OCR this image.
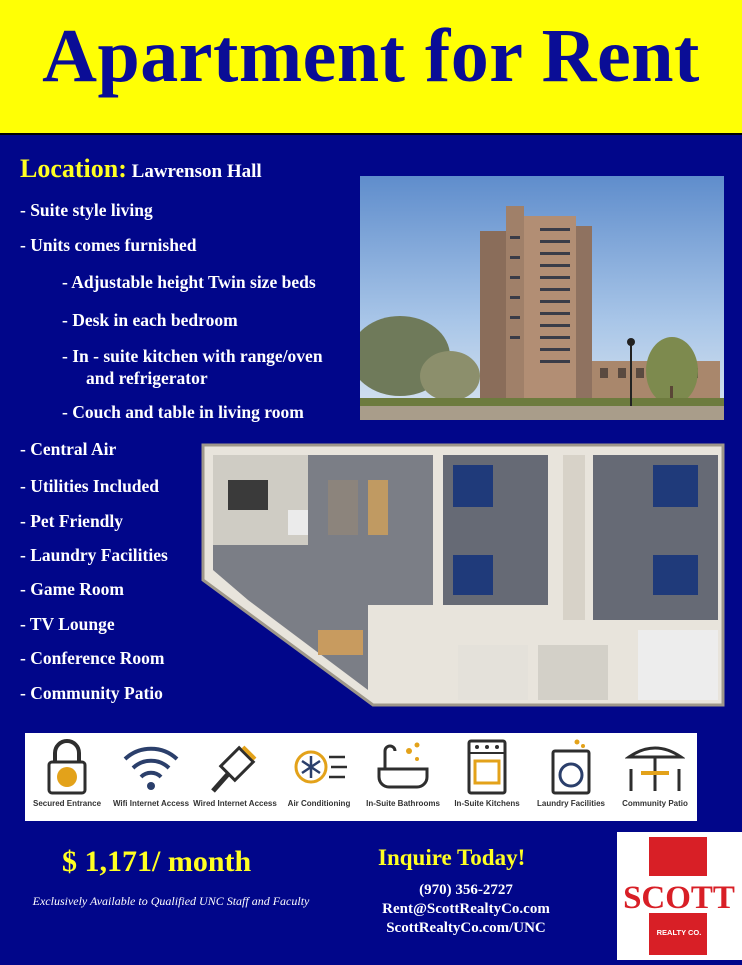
Apartment for Rent
Location: Lawrenson Hall
- Suite style living
- Units comes furnished
- Adjustable height Twin size beds
- Desk in each bedroom
- In - suite kitchen with range/oven
and refrigerator
- Couch and table in living room
- Central Air
- Utilities Included
- Pet Friendly
- Laundry Facilities
- Game Room
- TV Lounge
- Conference Room
- Community Patio
Secured Entrance	Wifi Internet Access Wired Internet Access	Air Conditioning	In-Suite Bathrooms	In-Suite Kitchens	Laundry Facilities	Community Patio
$ 1,171/ month
Exclusively Available to Qualified UNC Staff and Faculty
Inquire Today!
(970) 356-2727
Rent@ScottRealtyCo.com
ScottRealtyCo.com/UNC
SCOTT
REALTY CO.
